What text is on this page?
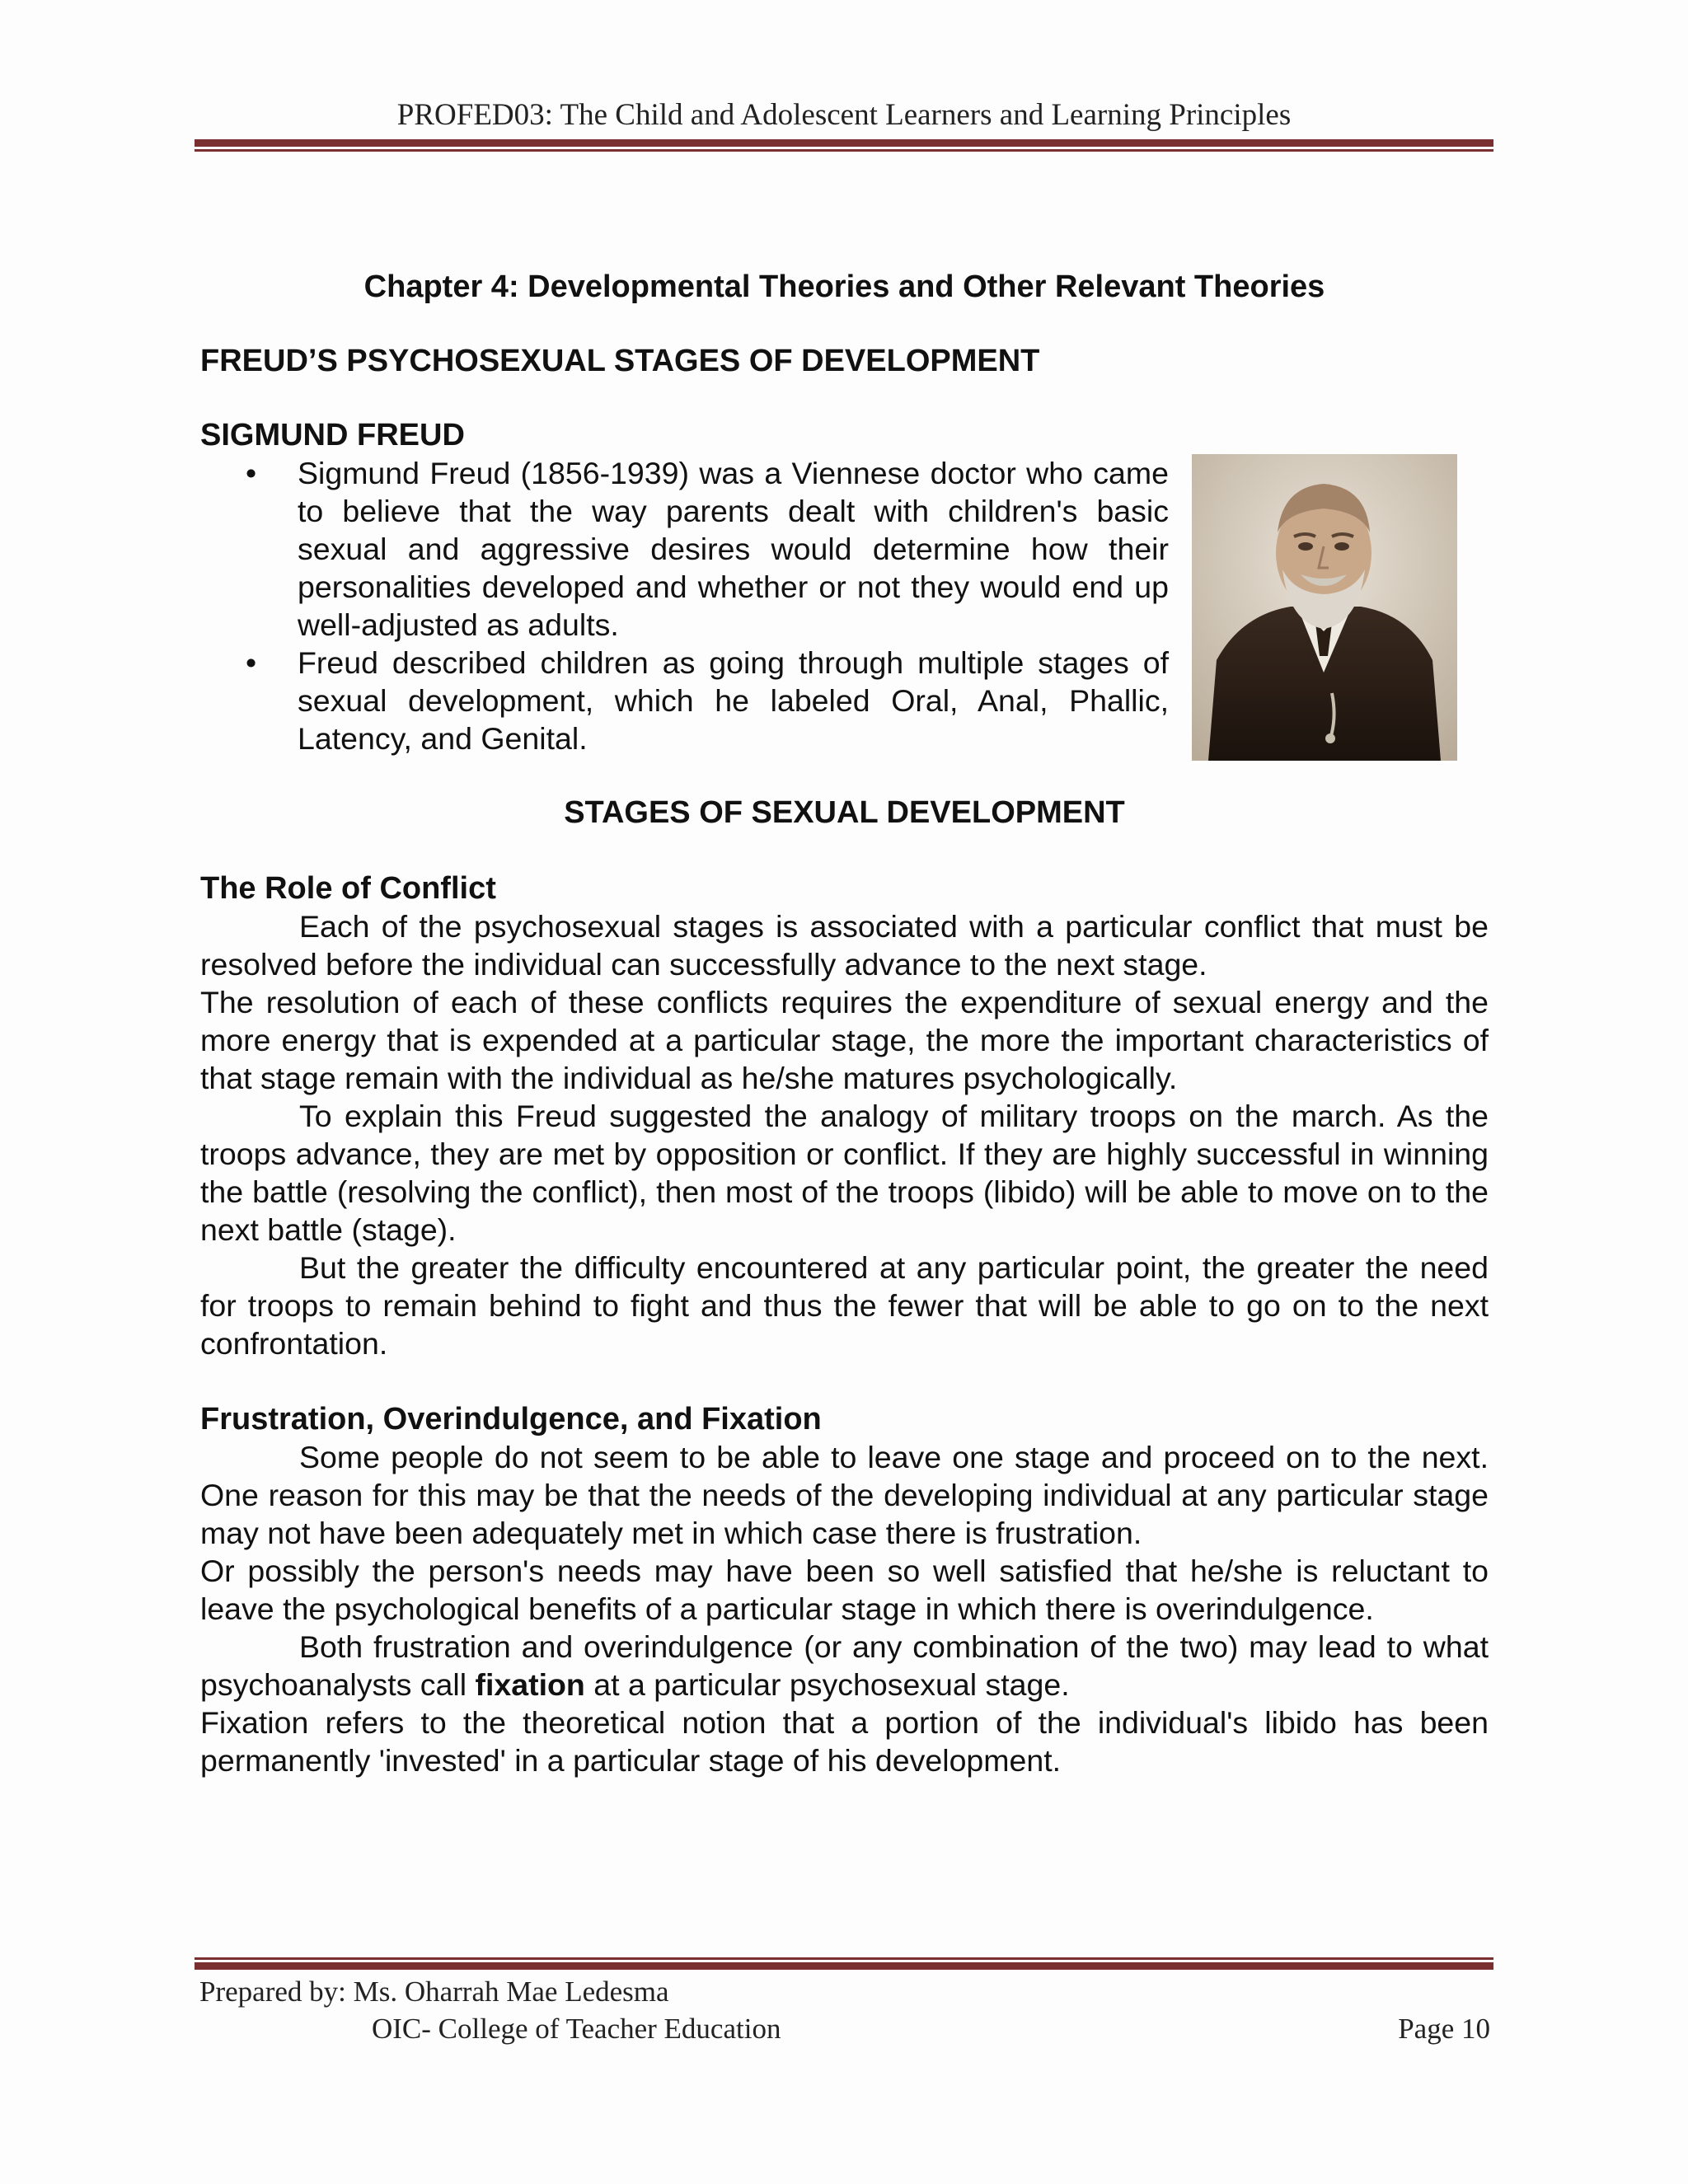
PROFED03: The Child and Adolescent Learners and Learning Principles
Chapter 4: Developmental Theories and Other Relevant Theories
FREUD’S PSYCHOSEXUAL STAGES OF DEVELOPMENT
SIGMUND FREUD
• Sigmund Freud (1856-1939) was a Viennese doctor who came to believe that the way parents dealt with children's basic sexual and aggressive desires would determine how their personalities developed and whether or not they would end up well-adjusted as adults.
• Freud described children as going through multiple stages of sexual development, which he labeled Oral, Anal, Phallic, Latency, and Genital.
STAGES OF SEXUAL DEVELOPMENT
The Role of Conflict

Each of the psychosexual stages is associated with a particular conflict that must be resolved before the individual can successfully advance to the next stage.

The resolution of each of these conflicts requires the expenditure of sexual energy and the more energy that is expended at a particular stage, the more the important characteristics of that stage remain with the individual as he/she matures psychologically.

To explain this Freud suggested the analogy of military troops on the march. As the troops advance, they are met by opposition or conflict. If they are highly successful in winning the battle (resolving the conflict), then most of the troops (libido) will be able to move on to the next battle (stage).

But the greater the difficulty encountered at any particular point, the greater the need for troops to remain behind to fight and thus the fewer that will be able to go on to the next confrontation.

Frustration, Overindulgence, and Fixation

Some people do not seem to be able to leave one stage and proceed on to the next. One reason for this may be that the needs of the developing individual at any particular stage may not have been adequately met in which case there is frustration.

Or possibly the person's needs may have been so well satisfied that he/she is reluctant to leave the psychological benefits of a particular stage in which there is overindulgence.

Both frustration and overindulgence (or any combination of the two) may lead to what psychoanalysts call fixation at a particular psychosexual stage.

Fixation refers to the theoretical notion that a portion of the individual's libido has been permanently 'invested' in a particular stage of his development.

Prepared by: Ms. Oharrah Mae Ledesma
OIC- College of Teacher Education	Page 10
